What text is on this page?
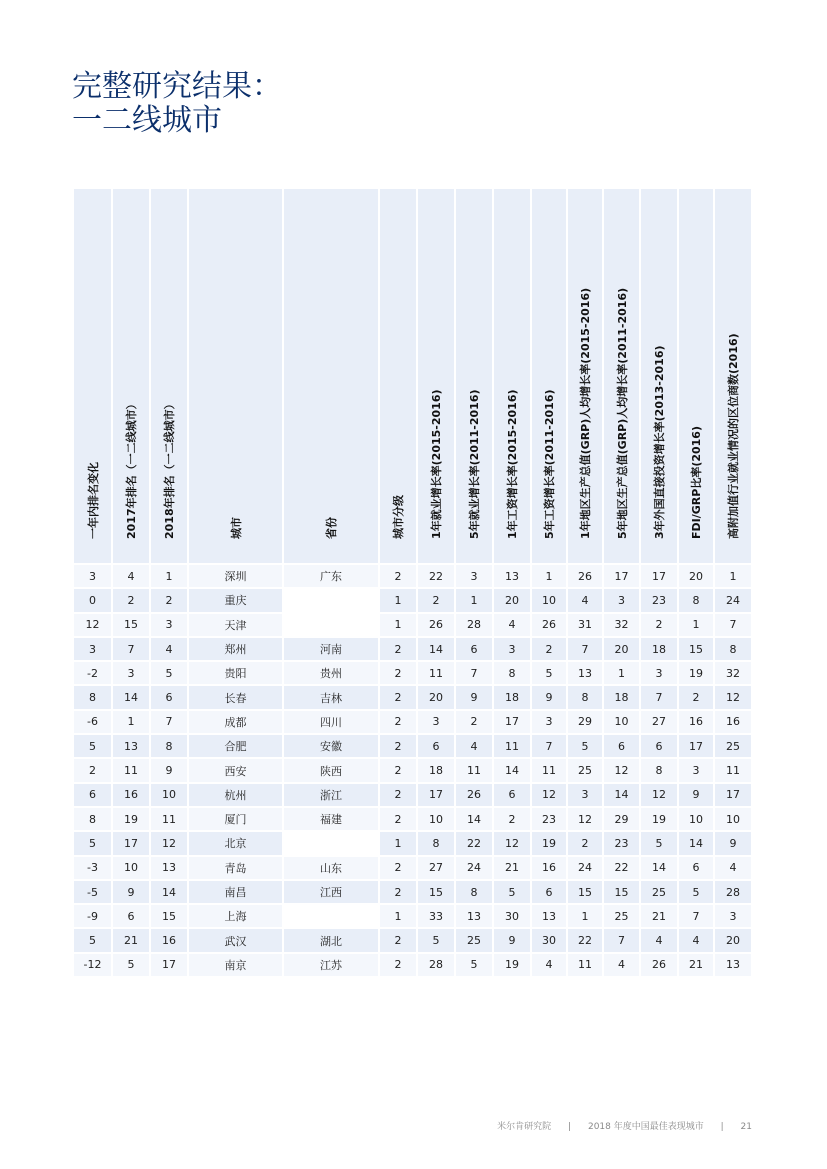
完整研究结果：
一二线城市
一年内排名变化	2017年排名（一二线城市）	2018年排名（一二线城市）	城市	省份	城市分级	1年就业增长率(2015-2016)	5年就业增长率(2011-2016)	1年工资增长率(2015-2016)	5年工资增长率(2011-2016)	1年地区生产总值(GRP)人均增长率(2015-2016)	5年地区生产总值(GRP)人均增长率(2011-2016)	3年外国直接投资增长率(2013-2016)	FDI/GRP比率(2016)	高附加值行业就业情况的区位商数(2016)

3	4	1	深圳	广东	2	22	3	13	1	26	17	17	20	1
0	2	2	重庆		1	2	1	20	10	4	3	23	8	24
12	15	3	天津		1	26	28	4	26	31	32	2	1	7
3	7	4	郑州	河南	2	14	6	3	2	7	20	18	15	8
-2	3	5	贵阳	贵州	2	11	7	8	5	13	1	3	19	32
8	14	6	长春	吉林	2	20	9	18	9	8	18	7	2	12
-6	1	7	成都	四川	2	3	2	17	3	29	10	27	16	16
5	13	8	合肥	安徽	2	6	4	11	7	5	6	6	17	25
2	11	9	西安	陕西	2	18	11	14	11	25	12	8	3	11
6	16	10	杭州	浙江	2	17	26	6	12	3	14	12	9	17
8	19	11	厦门	福建	2	10	14	2	23	12	29	19	10	10
5	17	12	北京		1	8	22	12	19	2	23	5	14	9
-3	10	13	青岛	山东	2	27	24	21	16	24	22	14	6	4
-5	9	14	南昌	江西	2	15	8	5	6	15	15	25	5	28
-9	6	15	上海		1	33	13	30	13	1	25	21	7	3
5	21	16	武汉	湖北	2	5	25	9	30	22	7	4	4	20
-12	5	17	南京	江苏	2	28	5	19	4	11	4	26	21	13
米尔肯研究院 | 2018 年度中国最佳表现城市 | 21
